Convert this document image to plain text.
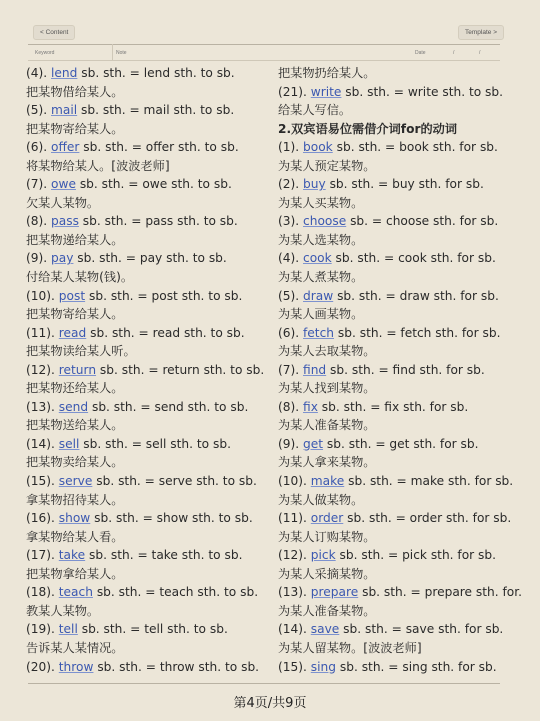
< Content	Template >
Keyword	Note	Date	/	/
(4). lend sb. sth. = lend sth. to sb.
把某物借给某人。
(5). mail sb. sth. = mail sth. to sb.
把某物寄给某人。
(6). offer sb. sth. = offer sth. to sb.
将某物给某人。[波波老师]
(7). owe sb. sth. = owe sth. to sb.
欠某人某物。
(8). pass sb. sth. = pass sth. to sb.
把某物递给某人。
(9). pay sb. sth. = pay sth. to sb.
付给某人某物(钱)。
(10). post sb. sth. = post sth. to sb.
把某物寄给某人。
(11). read sb. sth. = read sth. to sb.
把某物读给某人听。
(12). return sb. sth. = return sth. to sb.
把某物还给某人。
(13). send sb. sth. = send sth. to sb.
把某物送给某人。
(14). sell sb. sth. = sell sth. to sb.
把某物卖给某人。
(15). serve sb. sth. = serve sth. to sb.
拿某物招待某人。
(16). show sb. sth. = show sth. to sb.
拿某物给某人看。
(17). take sb. sth. = take sth. to sb.
把某物拿给某人。
(18). teach sb. sth. = teach sth. to sb.
教某人某物。
(19). tell sb. sth. = tell sth. to sb.
告诉某人某情况。
(20). throw sb. sth. = throw sth. to sb.
把某物扔给某人。
(21). write sb. sth. = write sth. to sb.
给某人写信。
2.双宾语易位需借介词for的动词
(1). book sb. sth. = book sth. for sb.
为某人预定某物。
(2). buy sb. sth. = buy sth. for sb.
为某人买某物。
(3). choose sb. = choose sth. for sb.
为某人选某物。
(4). cook sb. sth. = cook sth. for sb.
为某人煮某物。
(5). draw sb. sth. = draw sth. for sb.
为某人画某物。
(6). fetch sb. sth. = fetch sth. for sb.
为某人去取某物。
(7). find sb. sth. = find sth. for sb.
为某人找到某物。
(8). fix sb. sth. = fix sth. for sb.
为某人准备某物。
(9). get sb. sth. = get sth. for sb.
为某人拿来某物。
(10). make sb. sth. = make sth. for sb.
为某人做某物。
(11). order sb. sth. = order sth. for sb.
为某人订购某物。
(12). pick sb. sth. = pick sth. for sb.
为某人采摘某物。
(13). prepare sb. sth. = prepare sth. for.
为某人准备某物。
(14). save sb. sth. = save sth. for sb.
为某人留某物。[波波老师]
(15). sing sb. sth. = sing sth. for sb.
第4页/共9页
